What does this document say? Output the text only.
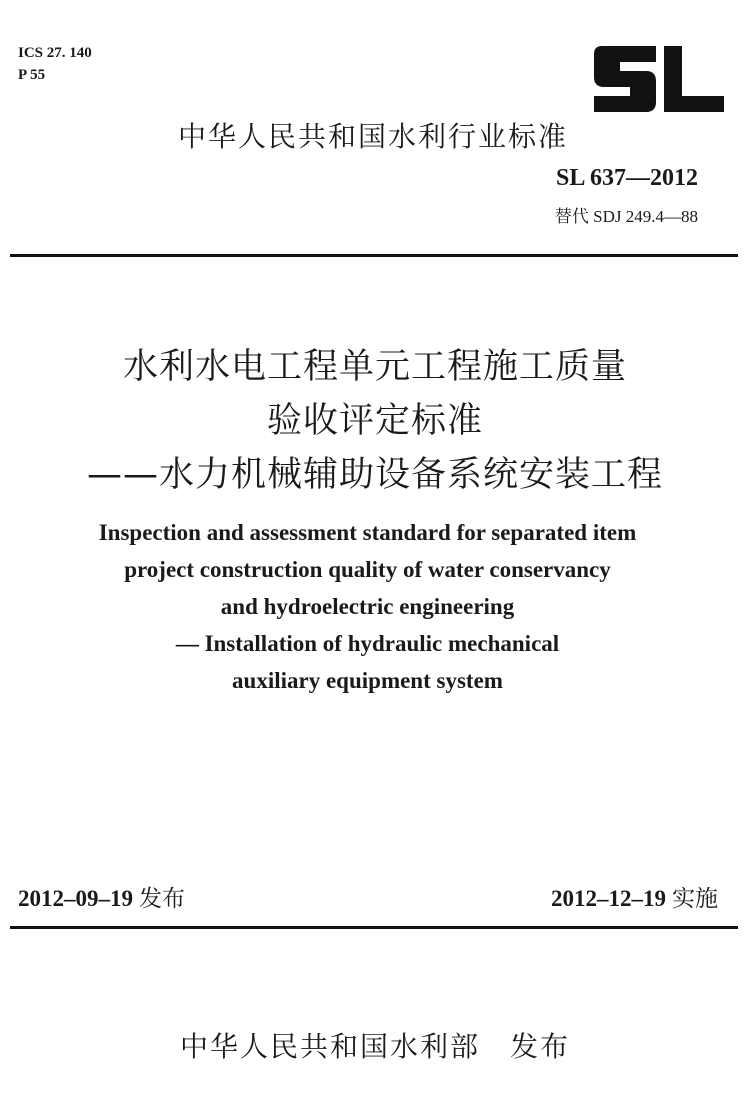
ICS 27. 140
P 55
中华人民共和国水利行业标准
SL 637—2012
替代 SDJ 249.4—88
水利水电工程单元工程施工质量
验收评定标准
——水力机械辅助设备系统安装工程
Inspection and assessment standard for separated item
project construction quality of water conservancy
and hydroelectric engineering
— Installation of hydraulic mechanical
auxiliary equipment system
2012–09–19 发布	2012–12–19 实施
中华人民共和国水利部 发布
